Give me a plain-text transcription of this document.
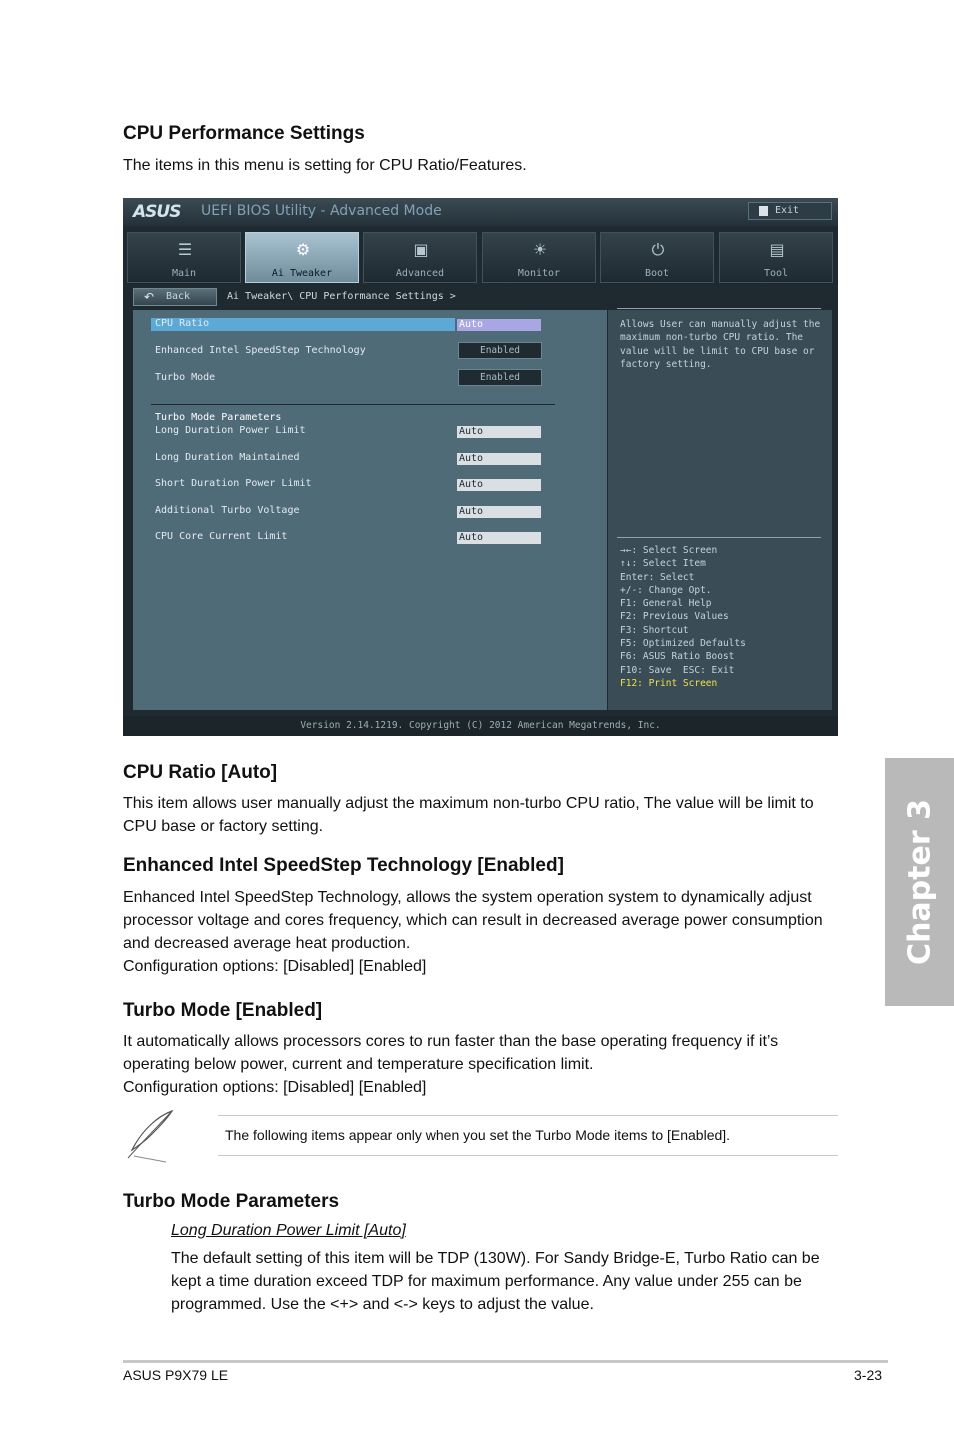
CPU Performance Settings
The items in this menu is setting for CPU Ratio/Features.
Chapter 3
ASUS UEFI BIOS Utility - Advanced Mode	Exit
☰
Main
⚙
Ai Tweaker
▣
Advanced
☀
Monitor
⏻
Boot
▤
Tool
↶ Back	Ai Tweaker\ CPU Performance Settings >
Allows User can manually adjust the maximum non-turbo CPU ratio. The value will be limit to CPU base or factory setting.
→←: Select Screen
↑↓: Select Item
Enter: Select
+/-: Change Opt.
F1: General Help
F2: Previous Values
F3: Shortcut
F5: Optimized Defaults
F6: ASUS Ratio Boost
F10: Save  ESC: Exit
F12: Print Screen
CPU Ratio	Auto
Enhanced Intel SpeedStep Technology	Enabled
Turbo Mode	Enabled
Turbo Mode Parameters
Long Duration Power Limit	Auto
Long Duration Maintained	Auto
Short Duration Power Limit	Auto
Additional Turbo Voltage	Auto
CPU Core Current Limit	Auto
Version 2.14.1219. Copyright (C) 2012 American Megatrends, Inc.
CPU Ratio [Auto]
This item allows user manually adjust the maximum non-turbo CPU ratio, The value will be limit to CPU base or factory setting.
Enhanced Intel SpeedStep Technology [Enabled]
Enhanced Intel SpeedStep Technology, allows the system operation system to dynamically adjust processor voltage and cores frequency, which can result in decreased average power consumption and decreased average heat production.
Configuration options: [Disabled] [Enabled]
Turbo Mode [Enabled]
It automatically allows processors cores to run faster than the base operating frequency if it’s operating below power, current and temperature specification limit.
Configuration options: [Disabled] [Enabled]
The following items appear only when you set the Turbo Mode items to [Enabled].
Turbo Mode Parameters
Long Duration Power Limit [Auto]
The default setting of this item will be TDP (130W). For Sandy Bridge-E, Turbo Ratio can be kept a time duration exceed TDP for maximum performance. Any value under 255 can be programmed. Use the <+> and <-> keys to adjust the value.
ASUS P9X79 LE	3-23
